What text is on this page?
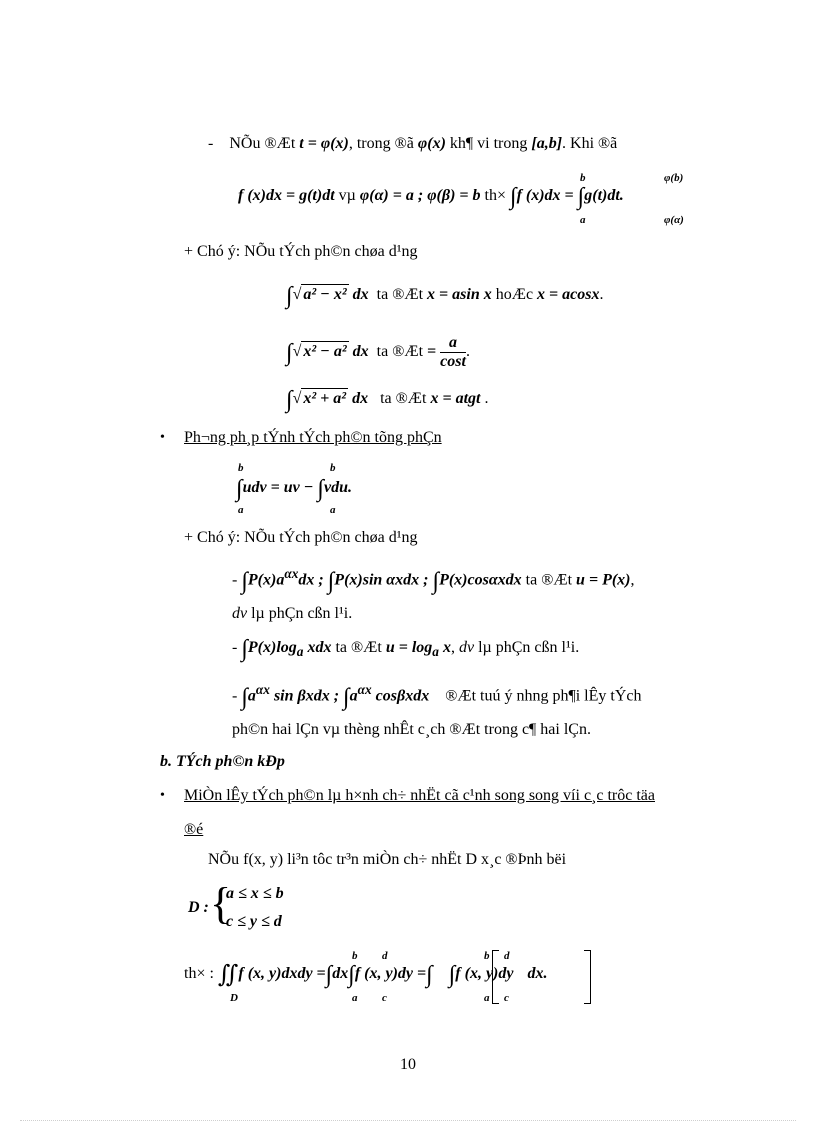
- NÕu ®Æt t = φ(x), trong ®ã φ(x) kh¶ vi trong [a,b]. Khi ®ã
f (x)dx = g(t)dt vµ φ(α) = a ; φ(β) = b th× ∫f (x)dx = ∫g(t)dt.
b
a
φ(b)
φ(α)
+ Chó ý: NÕu tÝch ph©n chøa d¹ng
∫√ a² − x² dx ta ®Æt x = asin x hoÆc x = acosx.
∫√ x² − a² dx ta ®Æt = $\frac{a}{\cos t}$ .
∫√ x² + a² dx ta ®Æt x = atgt .
• Ph¬ng ph¸p tÝnh tÝch ph©n tõng phÇn
∫udv = uv − ∫vdu.
b
a
b
a
+ Chó ý: NÕu tÝch ph©n chøa d¹ng
- $\int P(x)a^{\alpha x}dx$ ; ∫P(x)sin αxdx ; ∫P(x)cosαxdx ta ®Æt u = P(x),
dv lµ phÇn cßn l¹i.
- $\int P(x)\log_a$ xdx ta ®Æt $u = \log_a x$, dv lµ phÇn cßn l¹i.
- $\int a^{\alpha x}$ sin βxdx ; $\int a^{\alpha x}$ cosβxdx ®Æt tuú ý nhng ph¶i lÊy tÝch
ph©n hai lÇn vµ thèng nhÊt c¸ch ®Æt trong c¶ hai lÇn.
b. TÝch ph©n kÐp
• MiÒn lÊy tÝch ph©n lµ h×nh ch÷ nhËt cã c¹nh song song víi c¸c trôc täa
®é
NÕu f(x, y) li³n tôc tr³n miÒn ch÷ nhËt D x¸c ®Þnh bëi
D : {
a ≤ x ≤ b
c ≤ y ≤ d
th× : ∬f (x, y)dxdy =∫dx∫f (x, y)dy =∫ ∫f (x, y)dy dx.
D
b
a
d
c
b
a
d
c
10
